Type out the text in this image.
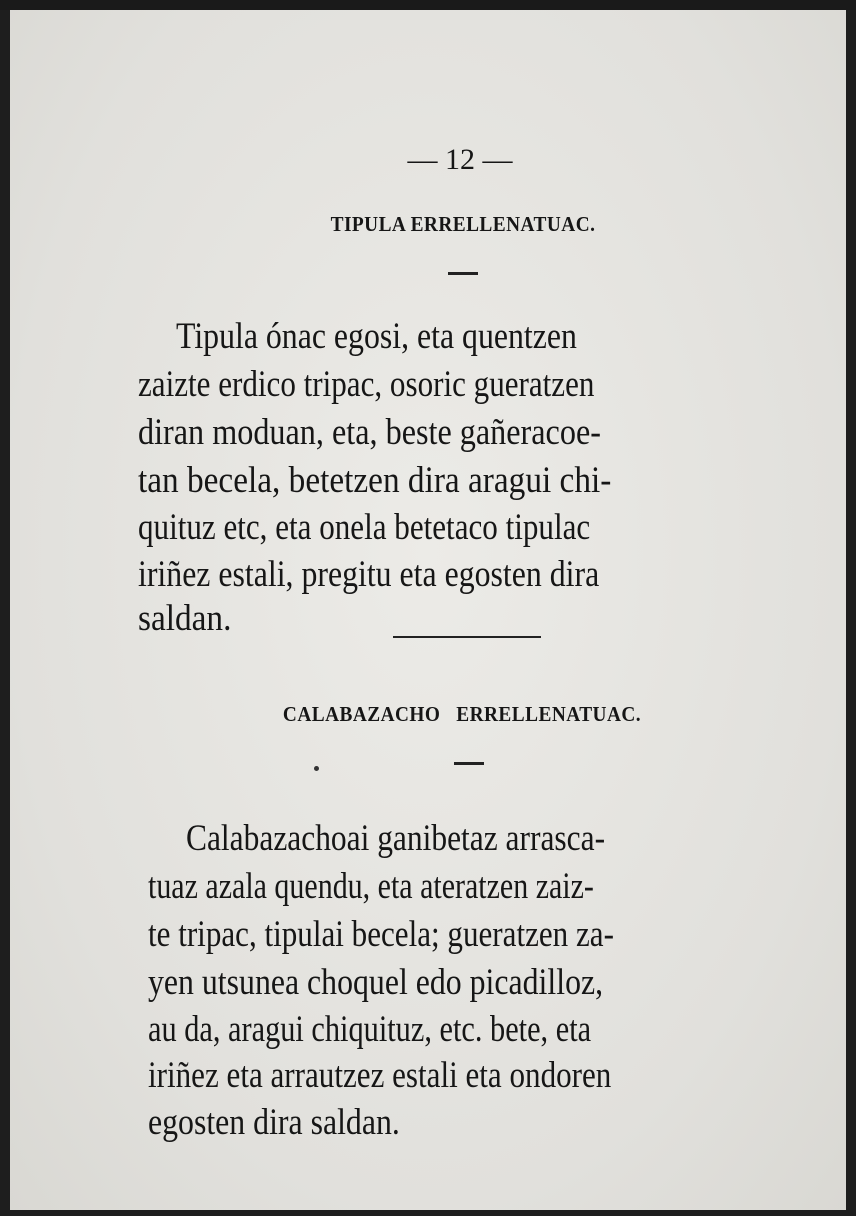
— 12 —
TIPULA ERRELLENATUAC.
Tipula ónac egosi, eta quentzen
zaizte erdico tripac, osoric gueratzen
diran moduan, eta, beste gañeracoe-
tan becela, betetzen dira aragui chi-
quituz etc, eta onela betetaco tipulac
iriñez estali, pregitu eta egosten dira
saldan.
CALABAZACHO   ERRELLENATUAC.
Calabazachoai ganibetaz arrasca-
tuaz azala quendu, eta ateratzen zaiz-
te tripac, tipulai becela; gueratzen za-
yen utsunea choquel edo picadilloz,
au da, aragui chiquituz, etc. bete, eta
iriñez eta arrautzez estali eta ondoren
egosten dira saldan.
